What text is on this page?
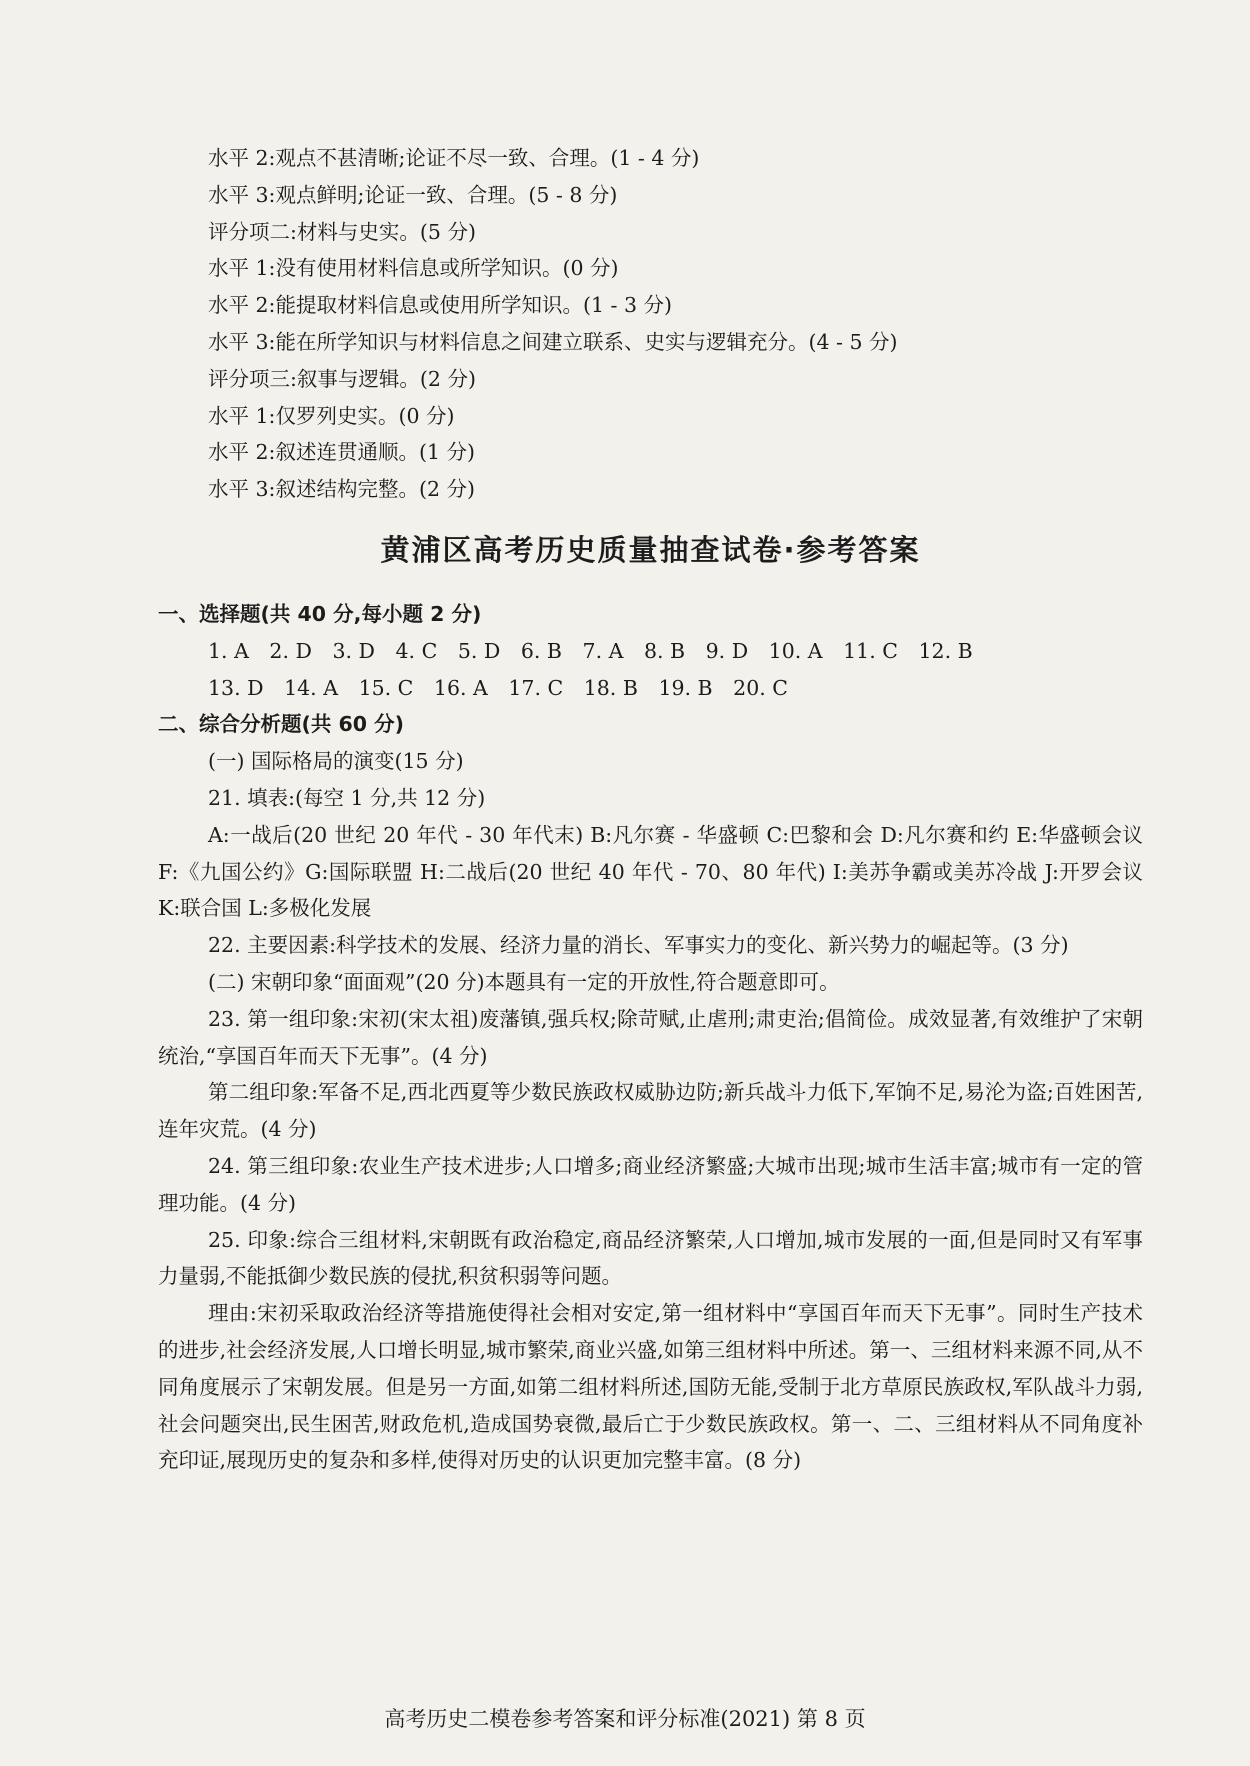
水平 2:观点不甚清晰;论证不尽一致、合理。(1 - 4 分)
水平 3:观点鲜明;论证一致、合理。(5 - 8 分)
评分项二:材料与史实。(5 分)
水平 1:没有使用材料信息或所学知识。(0 分)
水平 2:能提取材料信息或使用所学知识。(1 - 3 分)
水平 3:能在所学知识与材料信息之间建立联系、史实与逻辑充分。(4 - 5 分)
评分项三:叙事与逻辑。(2 分)
水平 1:仅罗列史实。(0 分)
水平 2:叙述连贯通顺。(1 分)
水平 3:叙述结构完整。(2 分)
黄浦区高考历史质量抽查试卷·参考答案
一、选择题(共 40 分,每小题 2 分)
1. A 2. D 3. D 4. C 5. D 6. B 7. A 8. B 9. D 10. A 11. C 12. B
13. D 14. A 15. C 16. A 17. C 18. B 19. B 20. C
二、综合分析题(共 60 分)
(一) 国际格局的演变(15 分)
21. 填表:(每空 1 分,共 12 分)
A:一战后(20 世纪 20 年代 - 30 年代末) B:凡尔赛 - 华盛顿 C:巴黎和会 D:凡尔赛和约 E:华盛顿会议 F:《九国公约》G:国际联盟 H:二战后(20 世纪 40 年代 - 70、80 年代) I:美苏争霸或美苏冷战 J:开罗会议 K:联合国 L:多极化发展
22. 主要因素:科学技术的发展、经济力量的消长、军事实力的变化、新兴势力的崛起等。(3 分)
(二) 宋朝印象“面面观”(20 分)本题具有一定的开放性,符合题意即可。
23. 第一组印象:宋初(宋太祖)废藩镇,强兵权;除苛赋,止虐刑;肃吏治;倡简俭。成效显著,有效维护了宋朝统治,“享国百年而天下无事”。(4 分)
第二组印象:军备不足,西北西夏等少数民族政权威胁边防;新兵战斗力低下,军饷不足,易沦为盗;百姓困苦,连年灾荒。(4 分)
24. 第三组印象:农业生产技术进步;人口增多;商业经济繁盛;大城市出现;城市生活丰富;城市有一定的管理功能。(4 分)
25. 印象:综合三组材料,宋朝既有政治稳定,商品经济繁荣,人口增加,城市发展的一面,但是同时又有军事力量弱,不能抵御少数民族的侵扰,积贫积弱等问题。
理由:宋初采取政治经济等措施使得社会相对安定,第一组材料中“享国百年而天下无事”。同时生产技术的进步,社会经济发展,人口增长明显,城市繁荣,商业兴盛,如第三组材料中所述。第一、三组材料来源不同,从不同角度展示了宋朝发展。但是另一方面,如第二组材料所述,国防无能,受制于北方草原民族政权,军队战斗力弱,社会问题突出,民生困苦,财政危机,造成国势衰微,最后亡于少数民族政权。第一、二、三组材料从不同角度补充印证,展现历史的复杂和多样,使得对历史的认识更加完整丰富。(8 分)
高考历史二模卷参考答案和评分标准(2021) 第 8 页
